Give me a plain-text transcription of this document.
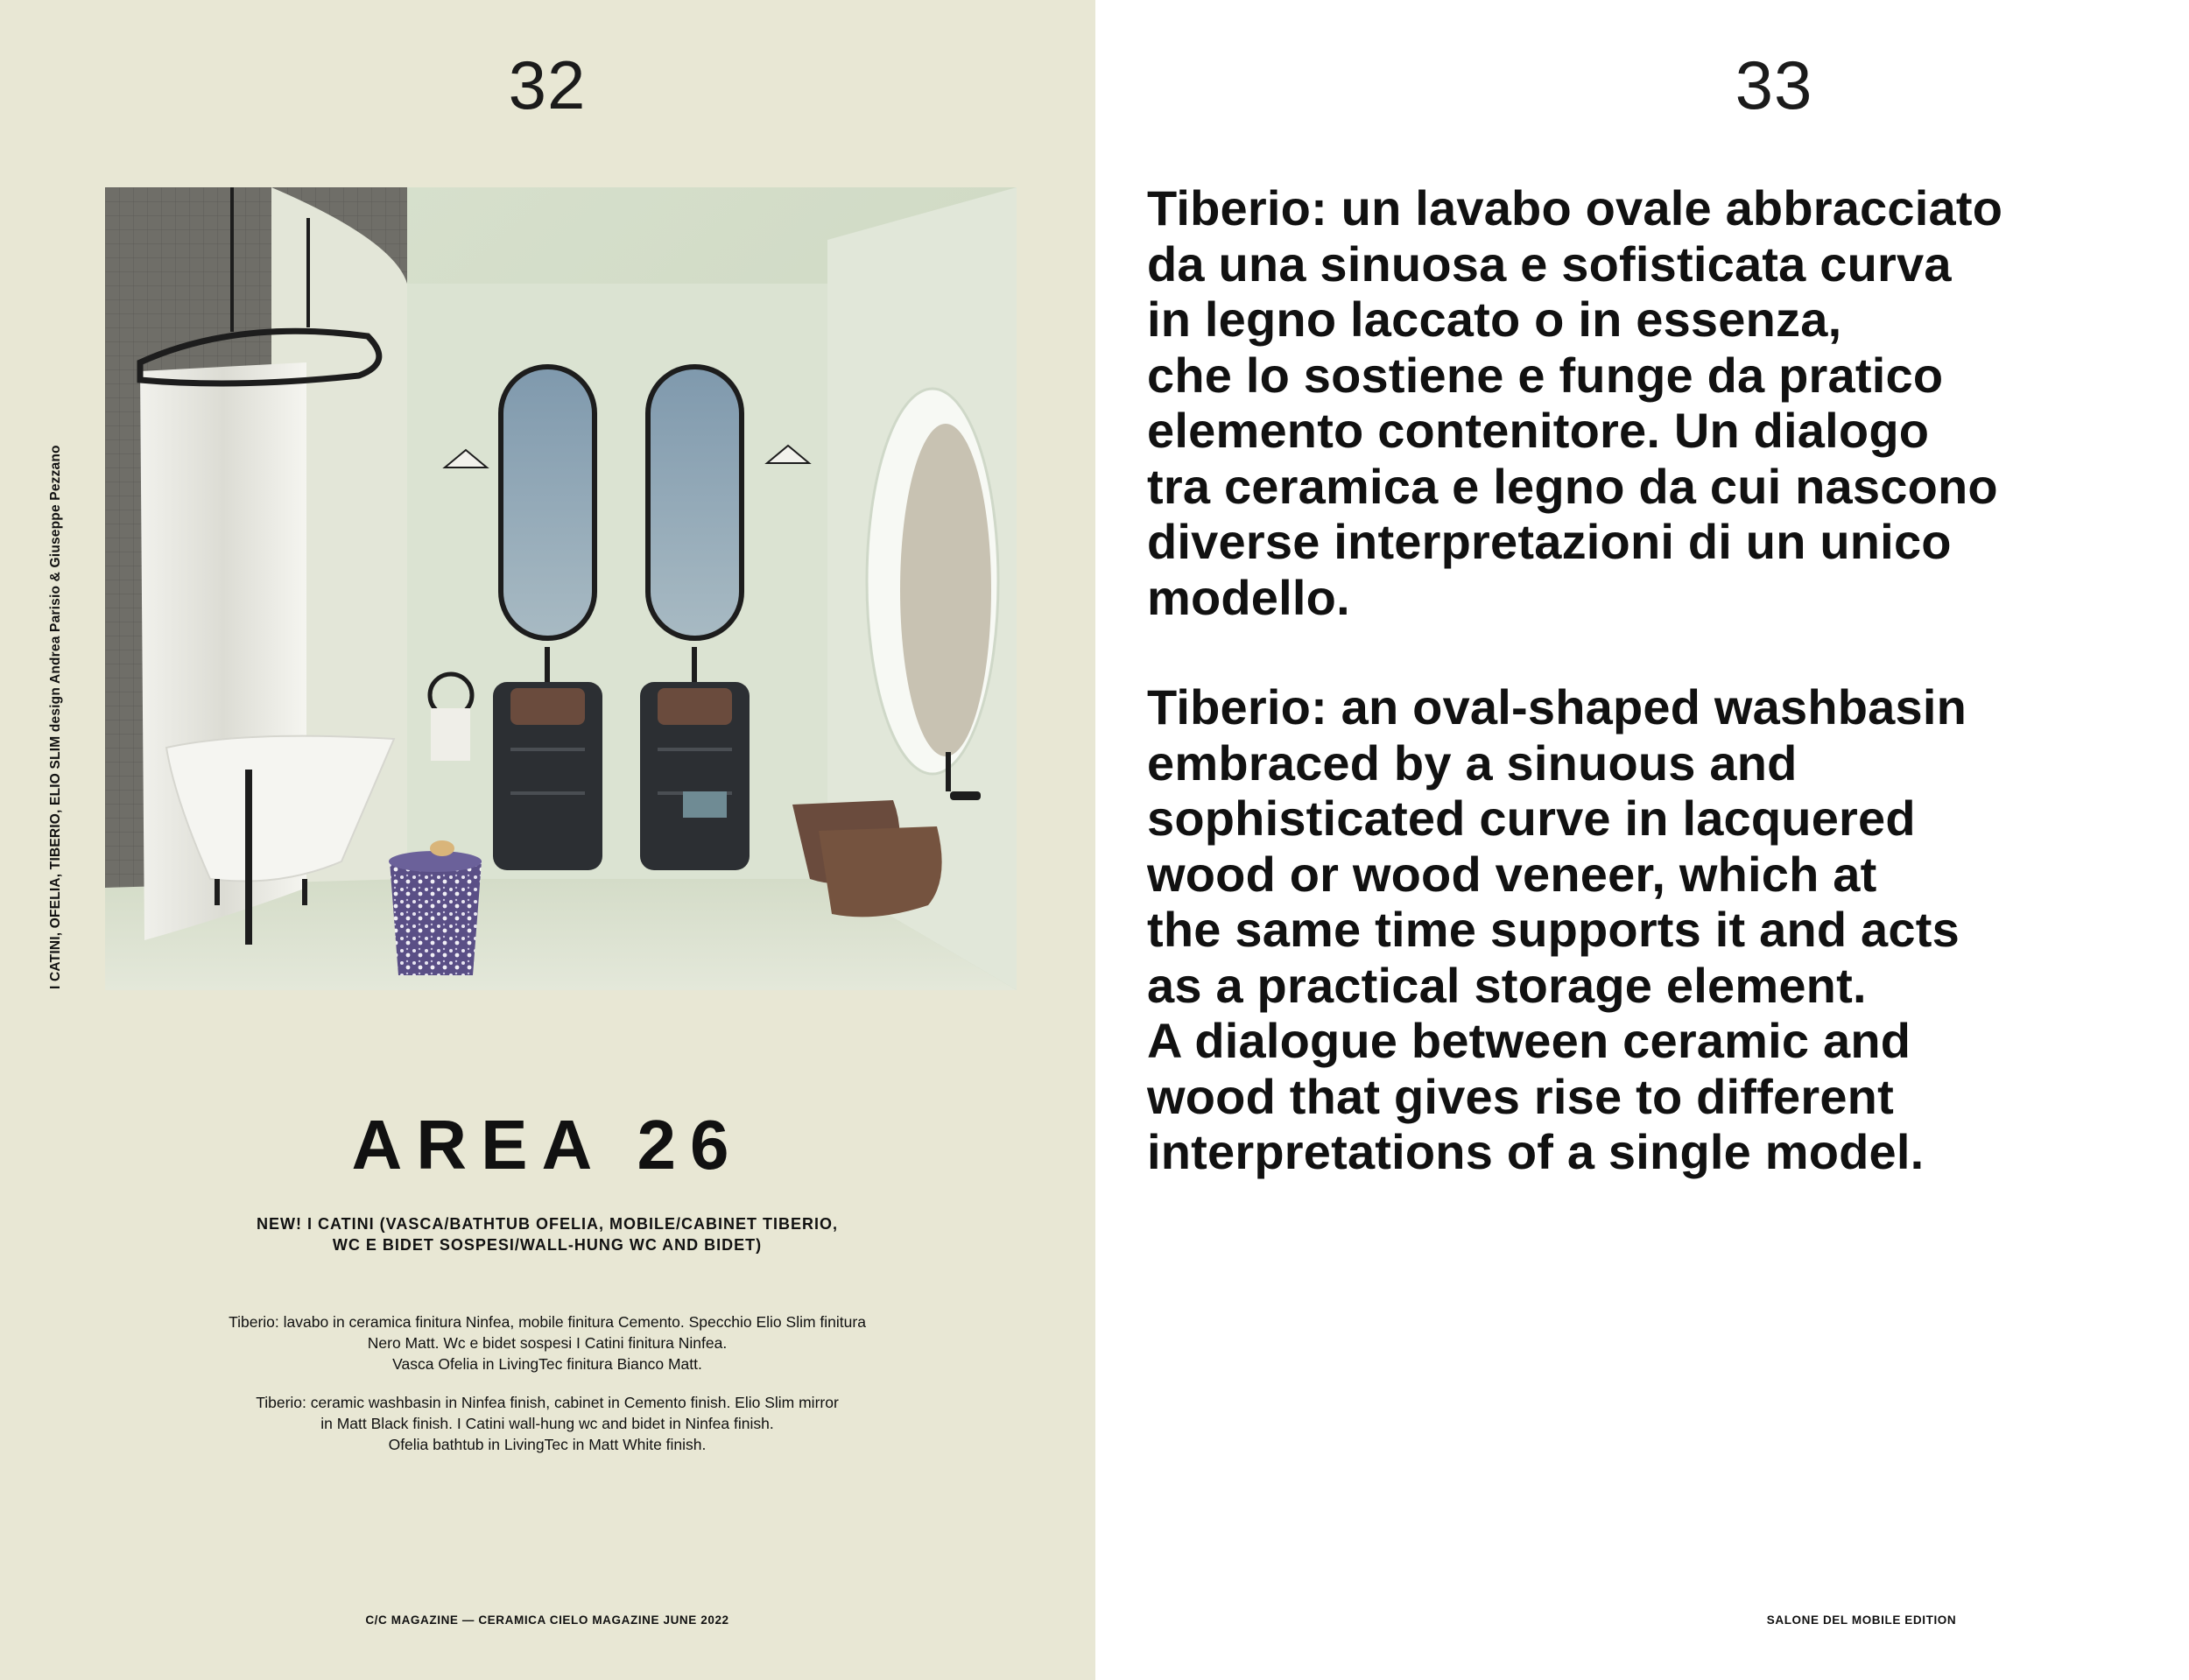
32
I CATINI, OFELIA, TIBERIO, ELIO SLIM design Andrea Parisio & Giuseppe Pezzano
AREA 26
NEW! I CATINI (VASCA/BATHTUB OFELIA, MOBILE/CABINET TIBERIO,
WC E BIDET SOSPESI/WALL-HUNG WC AND BIDET)
Tiberio: lavabo in ceramica finitura Ninfea, mobile finitura Cemento. Specchio Elio Slim finitura
Nero Matt. Wc e bidet sospesi I Catini finitura Ninfea.
Vasca Ofelia in LivingTec finitura Bianco Matt.
Tiberio: ceramic washbasin in Ninfea finish, cabinet in Cemento finish. Elio Slim mirror
in Matt Black finish. I Catini wall-hung wc and bidet in Ninfea finish.
Ofelia bathtub in LivingTec in Matt White finish.
C/C MAGAZINE — CERAMICA CIELO MAGAZINE JUNE 2022
33
SALONE DEL MOBILE EDITION
Tiberio: un lavabo ovale abbracciato
da una sinuosa e sofisticata curva
in legno laccato o in essenza,
che lo sostiene e funge da pratico
elemento contenitore. Un dialogo
tra ceramica e legno da cui nascono
diverse interpretazioni di un unico
modello.
Tiberio: an oval-shaped washbasin
embraced by a sinuous and
sophisticated curve in lacquered
wood or wood veneer, which at
the same time supports it and acts
as a practical storage element.
A dialogue between ceramic and
wood that gives rise to different
interpretations of a single model.
